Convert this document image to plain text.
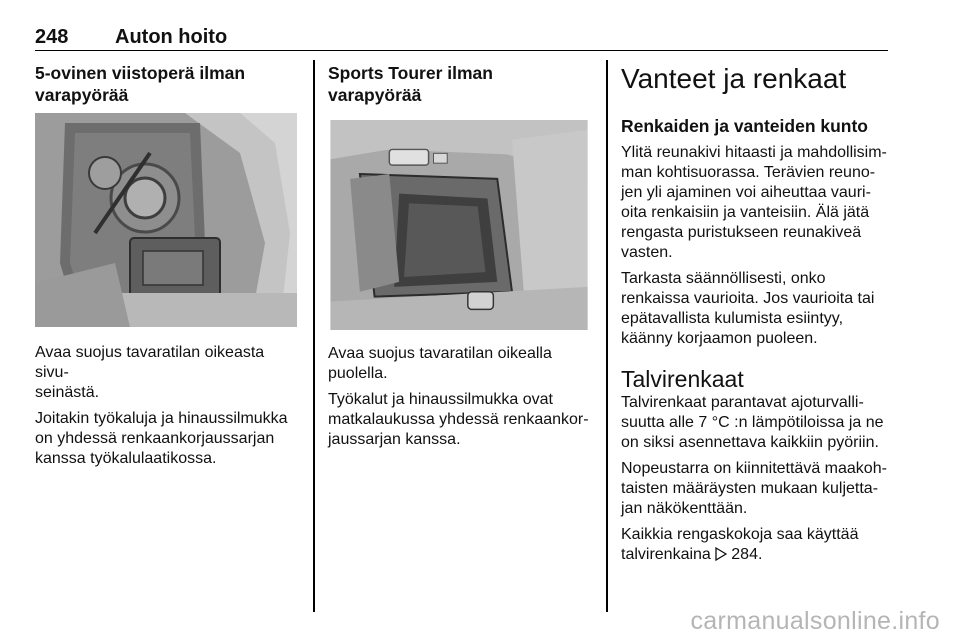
248 Auton hoito
5-ovinen viistoperä ilman
varapyörää

Avaa suojus tavaratilan oikeasta sivu-
seinästä.

Joitakin työkaluja ja hinaussilmukka
on yhdessä renkaankorjaussarjan
kanssa työkalulaatikossa.

Sports Tourer ilman varapyörää

Avaa suojus tavaratilan oikealla
puolella.

Työkalut ja hinaussilmukka ovat
matkalaukussa yhdessä renkaankor-
jaussarjan kanssa.

Vanteet ja renkaat
Renkaiden ja vanteiden kunto

Ylitä reunakivi hitaasti ja mahdollisim-
man kohtisuorassa. Terävien reuno-
jen yli ajaminen voi aiheuttaa vauri-
oita renkaisiin ja vanteisiin. Älä jätä
rengasta puristukseen reunakiveä
vasten.

Tarkasta säännöllisesti, onko
renkaissa vaurioita. Jos vaurioita tai
epätavallista kulumista esiintyy,
käänny korjaamon puoleen.

Talvirenkaat

Talvirenkaat parantavat ajoturvalli-
suutta alle 7 °C :n lämpötiloissa ja ne
on siksi asennettava kaikkiin pyöriin.

Nopeustarra on kiinnitettävä maakoh-
taisten määräysten mukaan kuljetta-
jan näkökenttään.

Kaikkia rengaskokoja saa käyttää
talvirenkaina 284.

carmanualsonline.info
